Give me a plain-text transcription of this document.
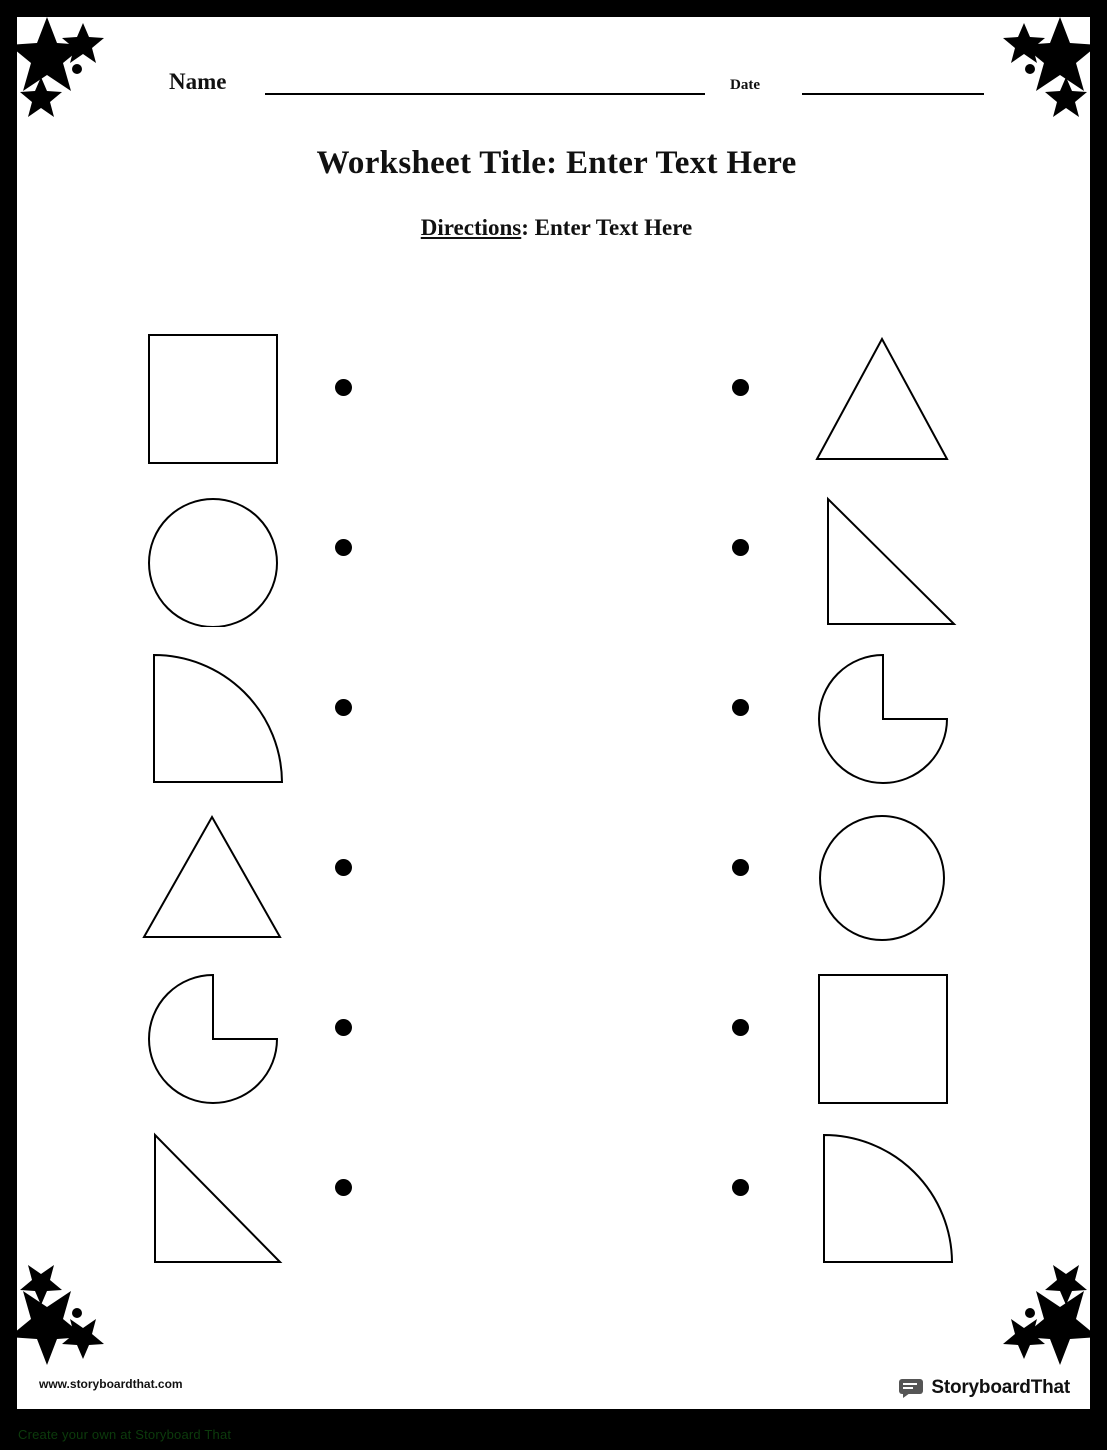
Name	Date
Worksheet Title: Enter Text Here
Directions: Enter Text Here
www.storyboardthat.com	StoryboardThat
Create your own at Storyboard That
